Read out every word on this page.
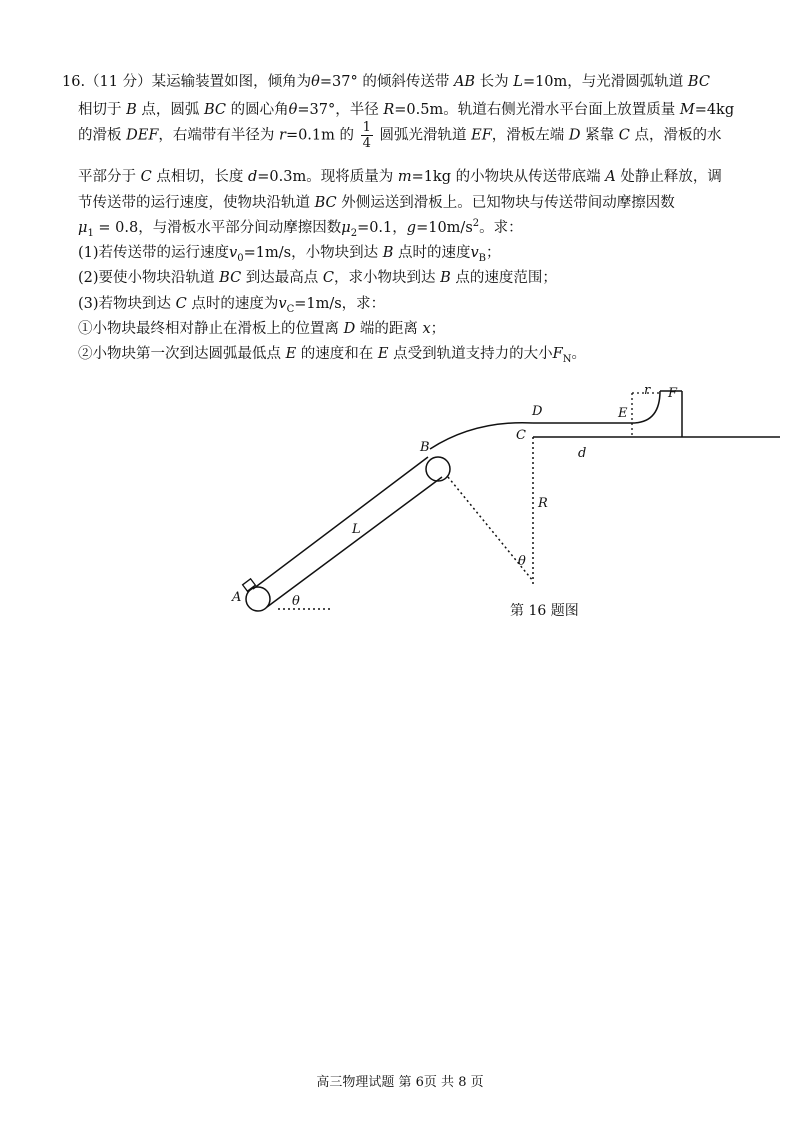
16.（11 分）某运输装置如图，倾角为θ=37° 的倾斜传送带 AB 长为 L=10m，与光滑圆弧轨道 BC
相切于 B 点，圆弧 BC 的圆心角θ=37°，半径 R=0.5m。轨道右侧光滑水平台面上放置质量 M=4kg
的滑板 DEF，右端带有半径为 r=0.1m 的 $\frac{1}{4}$ 圆弧光滑轨道 EF，滑板左端 D 紧靠 C 点，滑板的水
平部分于 C 点相切，长度 d=0.3m。现将质量为 m=1kg 的小物块从传送带底端 A 处静止释放，调
节传送带的运行速度，使物块沿轨道 BC 外侧运送到滑板上。已知物块与传送带间动摩擦因数
$\mu_1 = 0.8$，与滑板水平部分间动摩擦因数$\mu_2=0.1$，$g=10m/s^2$。求：
(1)若传送带的运行速度$v_0=1m/s$，小物块到达 B 点时的速度$v_B$；
(2)要使小物块沿轨道 BC 到达最高点 C，求小物块到达 B 点的速度范围；
(3)若物块到达 C 点时的速度为$v_C=1m/s$，求：
①小物块最终相对静止在滑板上的位置离 D 端的距离 x；
②小物块第一次到达圆弧最低点 E 的速度和在 E 点受到轨道支持力的大小$F_N$。
A
B
C
D	E
F
r
d
R
L
θ
θ
第 16 题图
高三物理试题 第 6页 共 8 页
